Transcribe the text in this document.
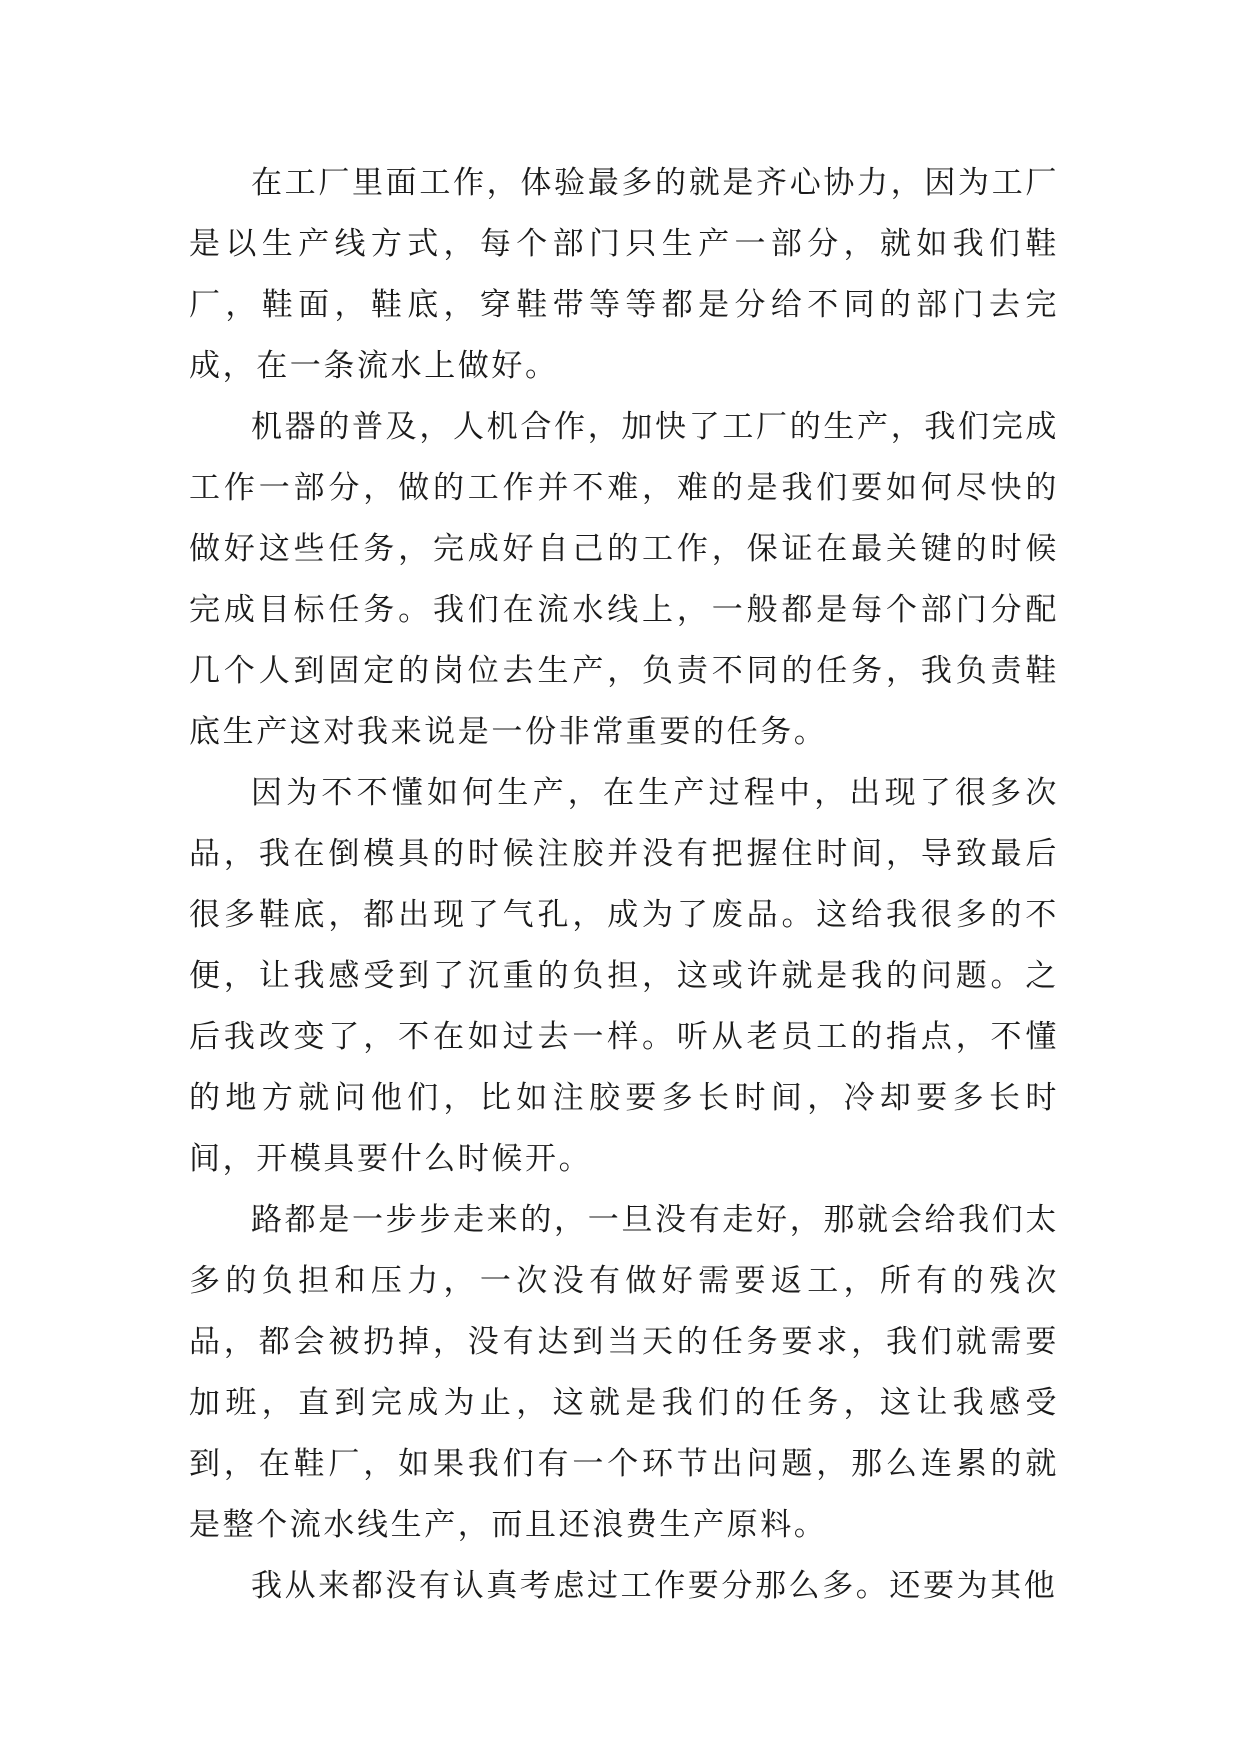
在工厂里面工作，体验最多的就是齐心协力，因为工厂是以生产线方式，每个部门只生产一部分，就如我们鞋厂，鞋面，鞋底，穿鞋带等等都是分给不同的部门去完成，在一条流水上做好。

机器的普及，人机合作，加快了工厂的生产，我们完成工作一部分，做的工作并不难，难的是我们要如何尽快的做好这些任务，完成好自己的工作，保证在最关键的时候完成目标任务。我们在流水线上，一般都是每个部门分配几个人到固定的岗位去生产，负责不同的任务，我负责鞋底生产这对我来说是一份非常重要的任务。

因为不不懂如何生产，在生产过程中，出现了很多次品，我在倒模具的时候注胶并没有把握住时间，导致最后很多鞋底，都出现了气孔，成为了废品。这给我很多的不便，让我感受到了沉重的负担，这或许就是我的问题。之后我改变了，不在如过去一样。听从老员工的指点，不懂的地方就问他们，比如注胶要多长时间，冷却要多长时间，开模具要什么时候开。

路都是一步步走来的，一旦没有走好，那就会给我们太多的负担和压力，一次没有做好需要返工，所有的残次品，都会被扔掉，没有达到当天的任务要求，我们就需要加班，直到完成为止，这就是我们的任务，这让我感受到，在鞋厂，如果我们有一个环节出问题，那么连累的就是整个流水线生产，而且还浪费生产原料。

我从来都没有认真考虑过工作要分那么多。还要为其他
